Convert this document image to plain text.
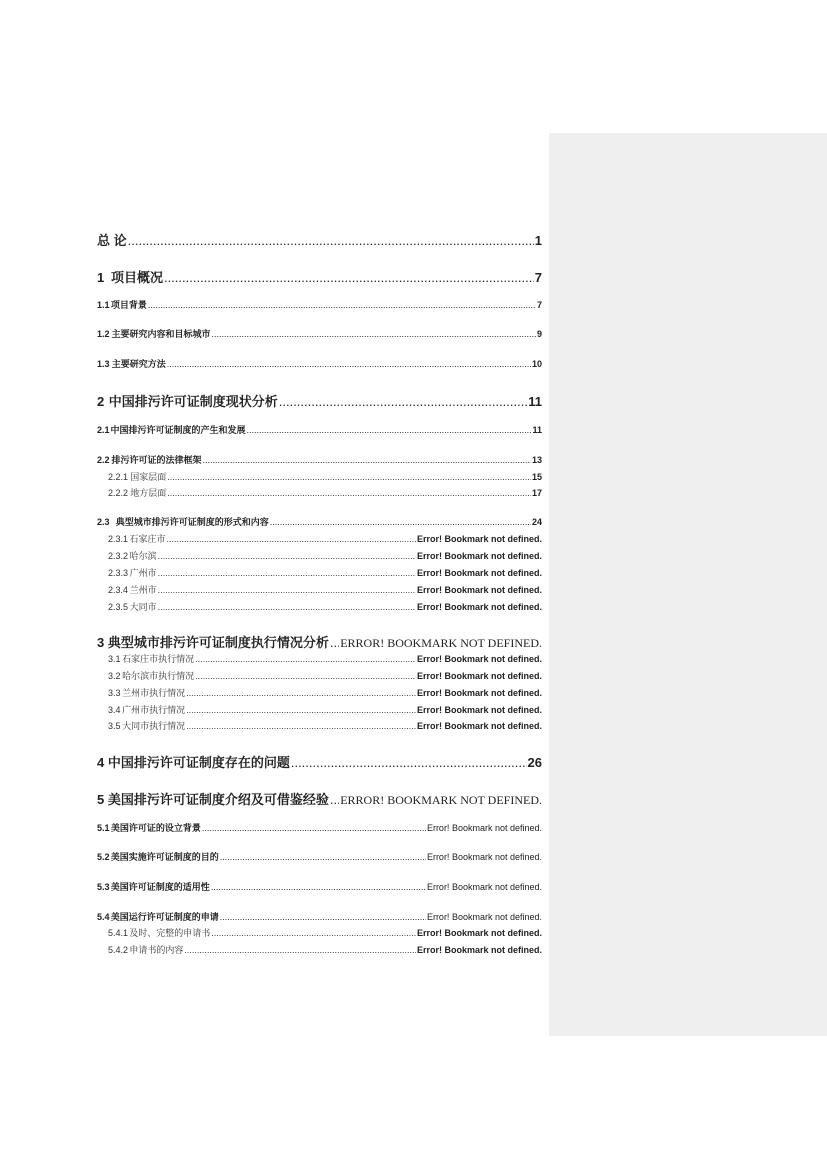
总 论 .....	1
1 项目概况 .....	7
1.1 项目背景 .....	7
1.2 主要研究内容和目标城市 .....	9
1.3 主要研究方法 .....	10
2 中国排污许可证制度现状分析 .....	11
2.1 中国排污许可证制度的产生和发展 .....	11
2.2 排污许可证的法律框架 .....	13
2.2.1 国家层面 .....	15
2.2.2 地方层面 .....	17
2.3 典型城市排污许可证制度的形式和内容 .....	24
2.3.1 石家庄市 .....	Error! Bookmark not defined.
2.3.2 哈尔滨 .....	Error! Bookmark not defined.
2.3.3 广州市 .....	Error! Bookmark not defined.
2.3.4 兰州市 .....	Error! Bookmark not defined.
2.3.5 大同市 .....	Error! Bookmark not defined.
3 典型城市排污许可证制度执行情况分析 ..... ERROR! BOOKMARK NOT DEFINED.
3.1 石家庄市执行情况 .....	Error! Bookmark not defined.
3.2 哈尔滨市执行情况 .....	Error! Bookmark not defined.
3.3 兰州市执行情况 .....	Error! Bookmark not defined.
3.4 广州市执行情况 .....	Error! Bookmark not defined.
3.5 大同市执行情况 .....	Error! Bookmark not defined.
4 中国排污许可证制度存在的问题 .....	26
5 美国排污许可证制度介绍及可借鉴经验 ..... ERROR! BOOKMARK NOT DEFINED.
5.1 美国许可证的设立背景 .....	Error! Bookmark not defined.
5.2 美国实施许可证制度的目的 .....	Error! Bookmark not defined.
5.3 美国许可证制度的适用性 .....	Error! Bookmark not defined.
5.4 美国运行许可证制度的申请 .....	Error! Bookmark not defined.
5.4.1 及时、完整的申请书 .....	Error! Bookmark not defined.
5.4.2 申请书的内容 .....	Error! Bookmark not defined.
